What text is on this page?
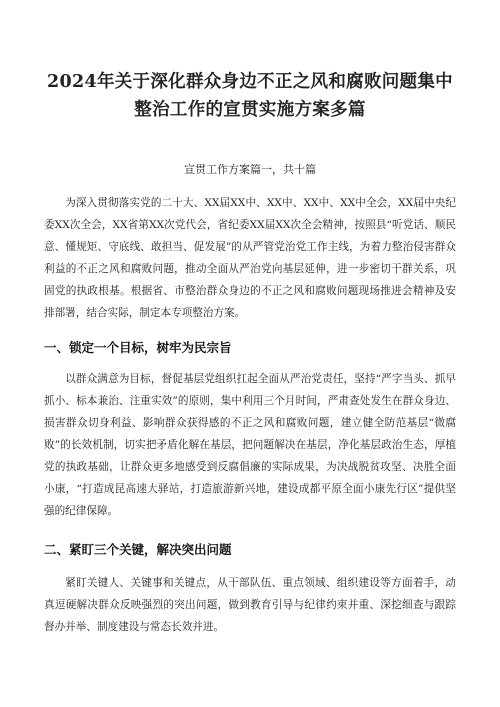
2024年关于深化群众身边不正之风和腐败问题集中
整治工作的宣贯实施方案多篇

宣贯工作方案篇一，共十篇

为深入贯彻落实党的二十大、XX届XX中、XX中、XX中、XX中全会，XX届中央纪委XX次全会，XX省第XX次党代会，省纪委XX届XX次全会精神，按照县“听党话、顺民意、懂规矩、守底线、敢担当、促发展”的从严管党治党工作主线，为着力整治侵害群众利益的不正之风和腐败问题，推动全面从严治党向基层延伸，进一步密切干群关系，巩固党的执政根基。根据省、市整治群众身边的不正之风和腐败问题现场推进会精神及安排部署，结合实际，制定本专项整治方案。

一、锁定一个目标，树牢为民宗旨

以群众满意为目标，督促基层党组织扛起全面从严治党责任，坚持“严字当头、抓早抓小、标本兼治、注重实效”的原则，集中利用三个月时间，严肃查处发生在群众身边、损害群众切身利益、影响群众获得感的不正之风和腐败问题，建立健全防范基层“微腐败”的长效机制，切实把矛盾化解在基层，把问题解决在基层，净化基层政治生态，厚植党的执政基础，让群众更多地感受到反腐倡廉的实际成果，为决战脱贫攻坚、决胜全面小康，“打造成昆高速大驿站，打造旅游新兴地，建设成都平原全面小康先行区”提供坚强的纪律保障。

二、紧盯三个关键，解决突出问题

紧盯关键人、关键事和关键点，从干部队伍、重点领域、组织建设等方面着手，动真逗硬解决群众反映强烈的突出问题，做到教育引导与纪律约束并重、深挖细查与跟踪督办并举、制度建设与常态长效并进。
